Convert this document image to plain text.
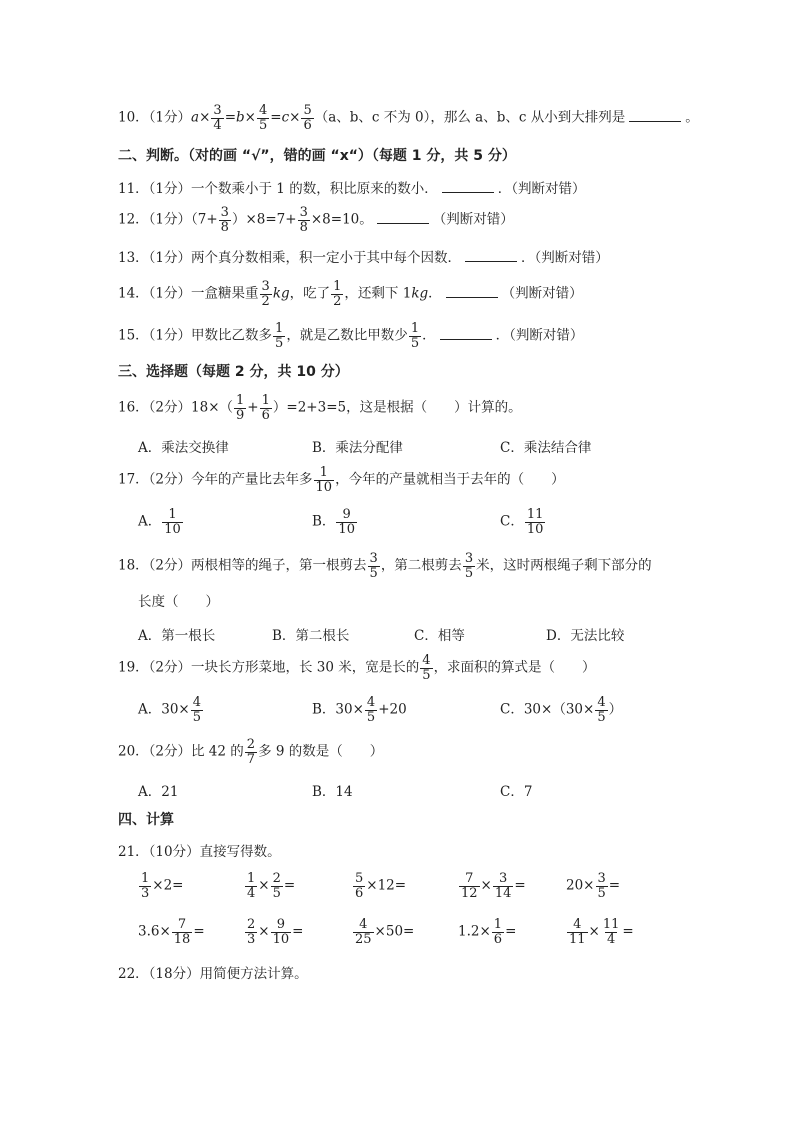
10．（1分）$a\times \frac{3}{4} =b\times \frac{4}{5} =c\times \frac{5}{6} (a$、b、c 不为 0），那么 a、b、c 从小到大排列是	。
二、判断。（对的画 “√”，错的画 “x“）（每题 1 分，共 5 分）
11．（1分）一个数乘小于 1 的数，积比原来的数小．	．（判断对错）
12．（1分）$(7+ \frac{3}{8} )\times 8=7+ \frac{3}{8} \times 8=10$。	（判断对错）
13．（1分）两个真分数相乘，积一定小于其中每个因数．	．（判断对错）
14．（1分）一盒糖果重 $\frac{3}{2}$ kg，吃了 $\frac{1}{2}$ ，还剩下 1kg．	（判断对错）
15．（1分）甲数比乙数多 $\frac{1}{5}$ ，就是乙数比甲数少 $\frac{1}{5}$ ．	．（判断对错）
三、选择题（每题 2 分，共 10 分）
16．（2分）$18\times( \frac{1}{9} + \frac{1}{6} )=2+3=5$，这是根据（　　）计算的。
A．乘法交换律	B．乘法分配律	C．乘法结合律
17．（2分）今年的产量比去年多 $\frac{1}{10}$ ，今年的产量就相当于去年的（　　）
A． $\frac{1}{10}$	B． $\frac{9}{10}$	C． $\frac{11}{10}$
18．（2分）两根相等的绳子，第一根剪去 $\frac{3}{5}$ ，第二根剪去 $\frac{3}{5}$ 米，这时两根绳子剩下部分的
长度（　　）
A．第一根长	B．第二根长	C．相等	D．无法比较
19．（2分）一块长方形菜地，长 30 米，宽是长的 $\frac{4}{5}$ ，求面积的算式是（　　）
A．$30\times \frac{4}{5}$	B．$30\times \frac{4}{5} +20$	C．$30\times(30\times \frac{4}{5}$ ）
20．（2分）比 42 的 $\frac{2}{7}$ 多 9 的数是（　　）
A．21	B．14	C．7
四、计算
21．（10分）直接写得数。
$\frac{1}{3} \times 2=$	$\frac{1}{4} \times \frac{2}{5}$ =	$\frac{5}{6} \times 12=$	$\frac{7}{12} \times \frac{3}{14}$ =	$20\times \frac{3}{5}$ =
$3.6\times \frac{7}{18}$ =	$\frac{2}{3} \times \frac{9}{10}$ =	$\frac{4}{25} \times 50=$	$1.2\times \frac{1}{6}$ =	$\frac{4}{11} \times \frac{11}{4}$ =
22．（18分）用简便方法计算。
